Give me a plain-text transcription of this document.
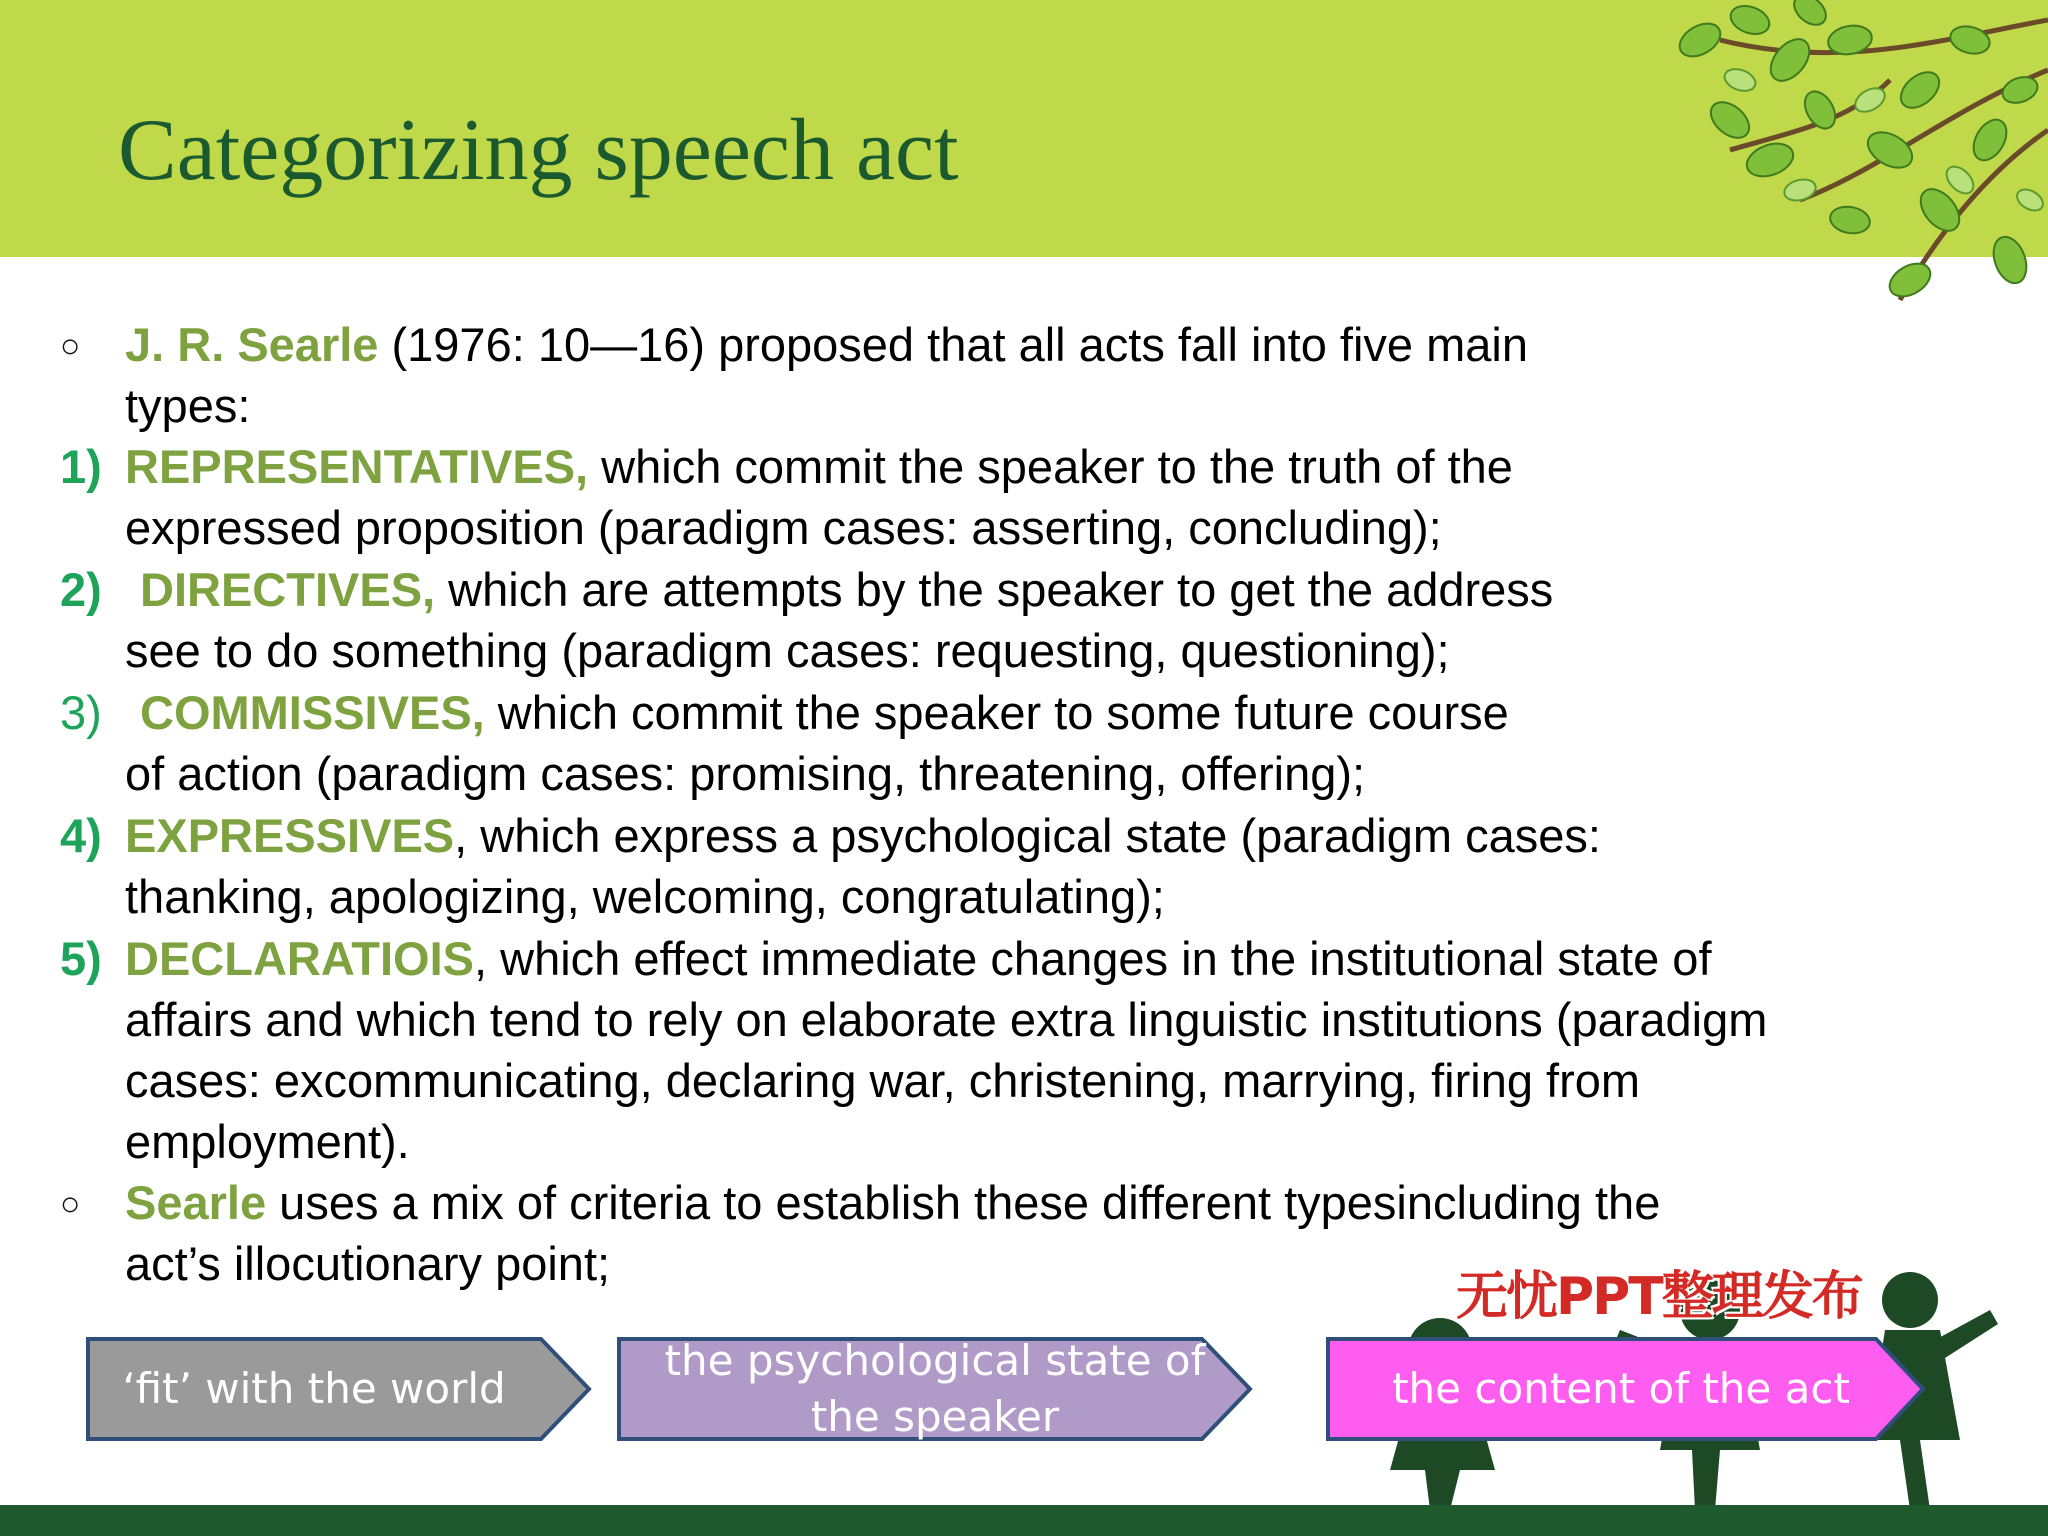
Categorizing speech act
○ J. R. Searle (1976: 10—16) proposed that all acts fall into five main
types:
1) REPRESENTATIVES, which commit the speaker to the truth of the
expressed proposition (paradigm cases: asserting, concluding);
2) DIRECTIVES, which are attempts by the speaker to get the address
see to do something (paradigm cases: requesting, questioning);
3) COMMISSIVES, which commit the speaker to some future course
of action (paradigm cases: promising, threatening, offering);
4) EXPRESSIVES, which express a psychological state (paradigm cases:
thanking, apologizing, welcoming, congratulating);
5) DECLARATIOIS, which effect immediate changes in the institutional state of
affairs and which tend to rely on elaborate extra linguistic institutions (paradigm
cases: excommunicating, declaring war, christening, marrying, firing from
employment).
○ Searle uses a mix of criteria to establish these different typesincluding the
act’s illocutionary point;
无忧PPT整理发布
‘fit’ with the world
the psychological state of the speaker
the content of the act
